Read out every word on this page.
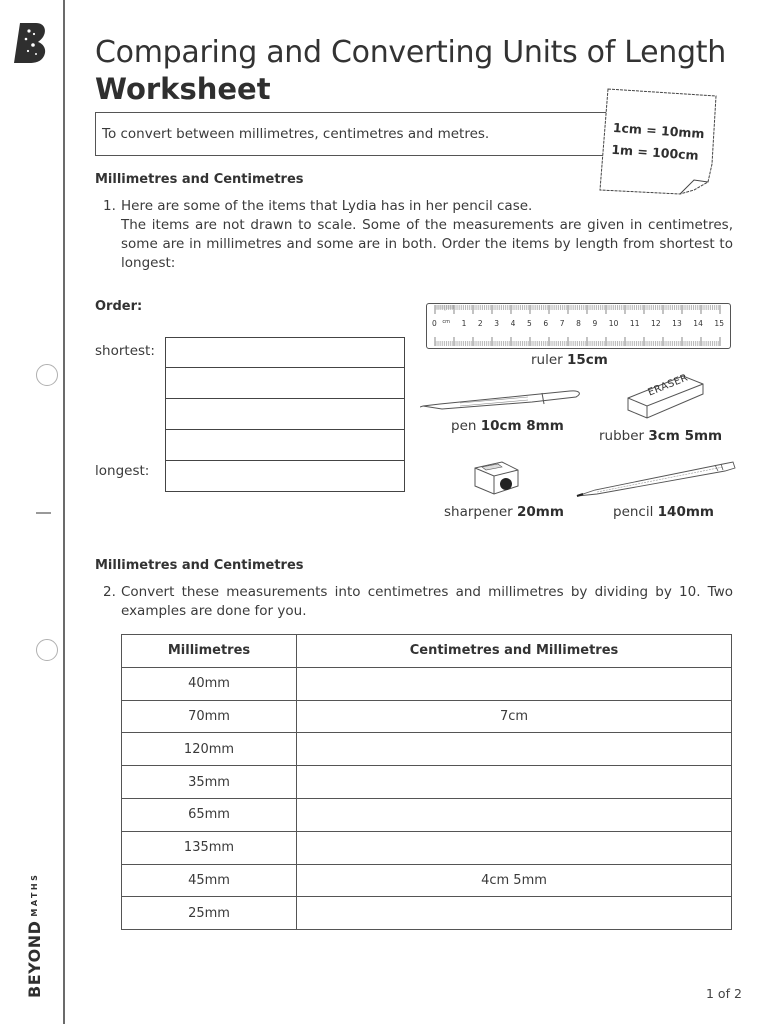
BEYONDMATHS
Comparing and Converting Units of Length
Worksheet
To convert between millimetres, centimetres and metres.	1cm = 10mm
1m = 100cm
Millimetres and Centimetres
1. Here are some of the items that Lydia has in her pencil case.

The items are not drawn to scale. Some of the measurements are given in centimetres, some are in millimetres and some are in both. Order the items by length from shortest to longest:

Order:
shortest:
longest:
0 cm 1 2 3 4 5 6 7 8 9 10 11 12 13 14 15
ruler 15cm
pen 10cm 8mm
ERASER
rubber 3cm 5mm
sharpener 20mm	pencil 140mm
Millimetres and Centimetres
2. Convert these measurements into centimetres and millimetres by dividing by 10. Two examples are done for you.

Millimetres	Centimetres and Millimetres
40mm	
70mm	7cm
120mm	
35mm	
65mm	
135mm	
45mm	4cm 5mm
25mm	
1 of 2
